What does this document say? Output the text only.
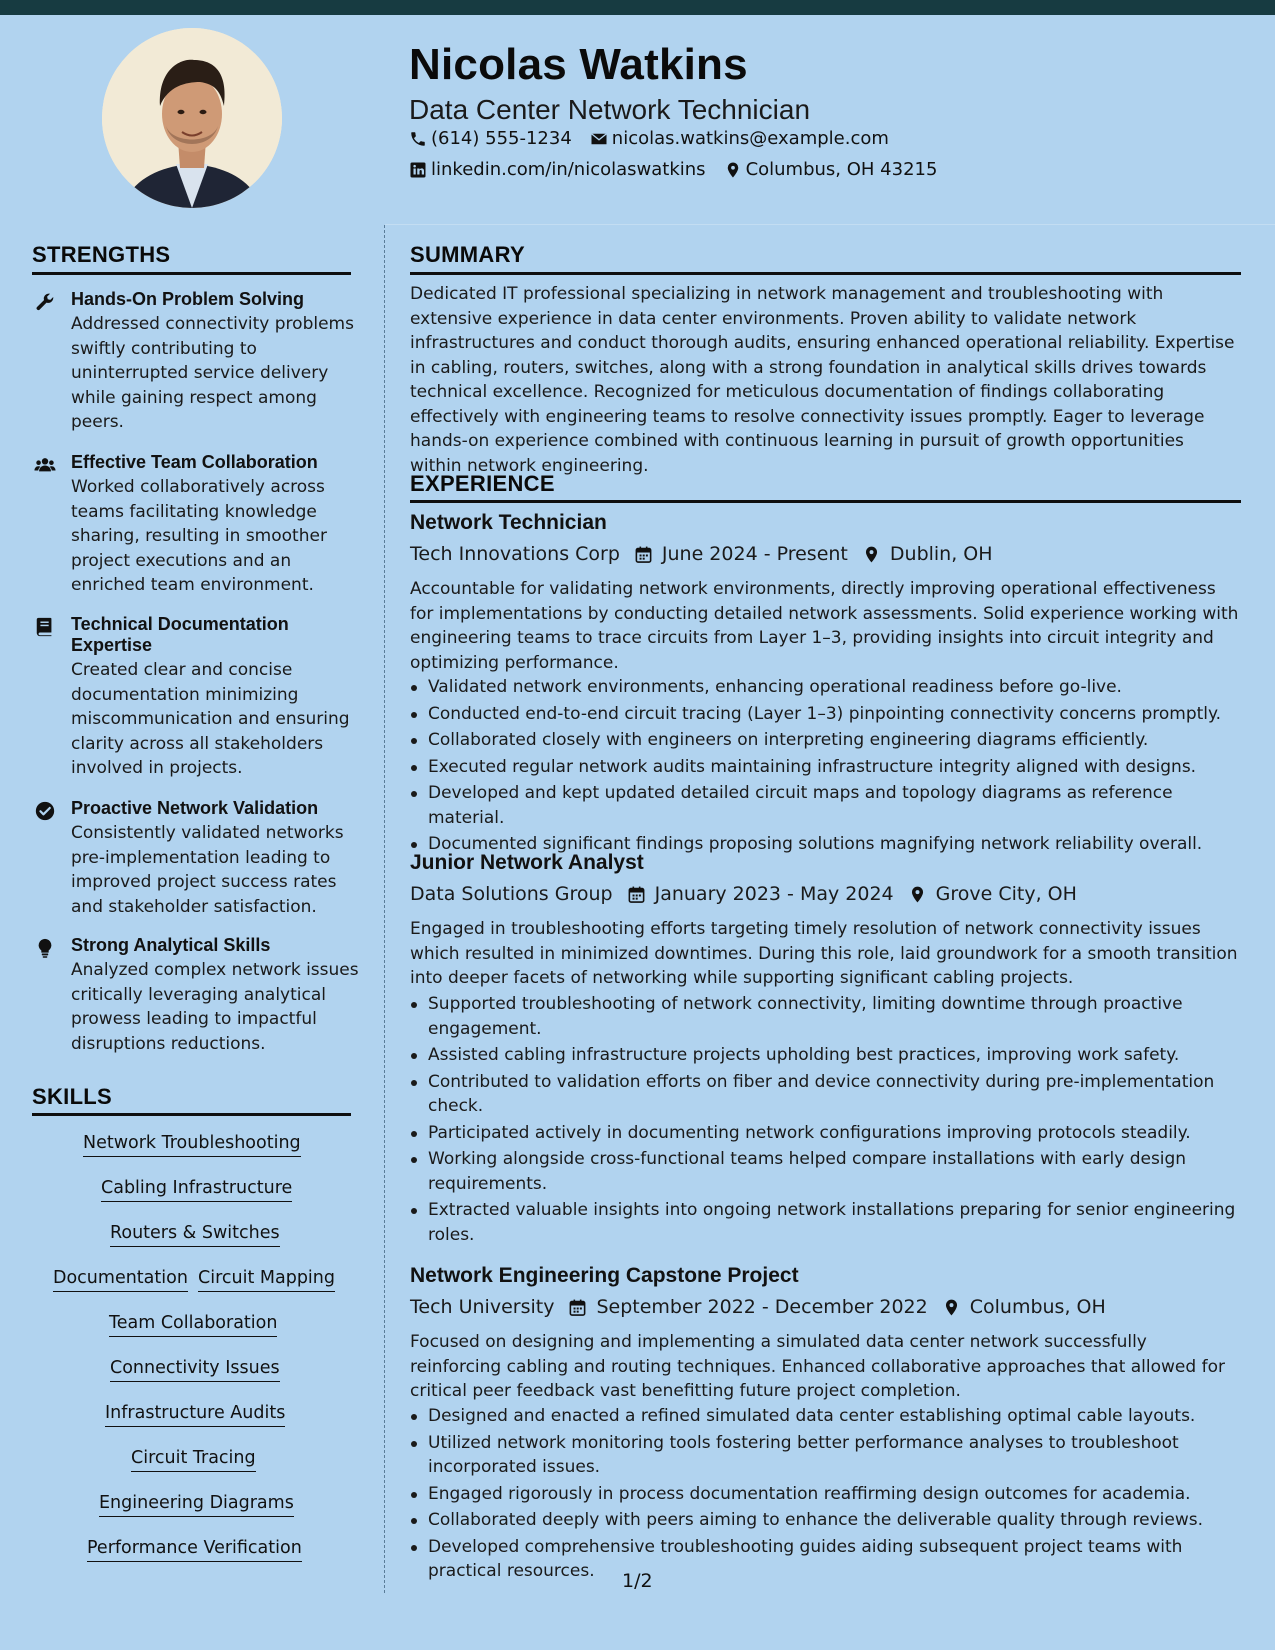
Nicolas Watkins
Data Center Network Technician
(614) 555-1234 nicolas.watkins@example.com
linkedin.com/in/nicolaswatkins Columbus, OH 43215
STRENGTHS
Hands-On Problem Solving
Addressed connectivity problems swiftly contributing to uninterrupted service delivery while gaining respect among peers.
Effective Team Collaboration
Worked collaboratively across teams facilitating knowledge sharing, resulting in smoother project executions and an enriched team environment.
Technical Documentation Expertise
Created clear and concise documentation minimizing miscommunication and ensuring clarity across all stakeholders involved in projects.
Proactive Network Validation
Consistently validated networks pre-implementation leading to improved project success rates and stakeholder satisfaction.
Strong Analytical Skills
Analyzed complex network issues critically leveraging analytical prowess leading to impactful disruptions reductions.
SKILLS
Network Troubleshooting
Cabling Infrastructure
Routers & Switches
Documentation Circuit Mapping
Team Collaboration
Connectivity Issues
Infrastructure Audits
Circuit Tracing
Engineering Diagrams
Performance Verification
SUMMARY
Dedicated IT professional specializing in network management and troubleshooting with extensive experience in data center environments. Proven ability to validate network infrastructures and conduct thorough audits, ensuring enhanced operational reliability. Expertise in cabling, routers, switches, along with a strong foundation in analytical skills drives towards technical excellence. Recognized for meticulous documentation of findings collaborating effectively with engineering teams to resolve connectivity issues promptly. Eager to leverage hands-on experience combined with continuous learning in pursuit of growth opportunities within network engineering.
EXPERIENCE
Network Technician
Tech Innovations Corp June 2024 - Present Dublin, OH
Accountable for validating network environments, directly improving operational effectiveness for implementations by conducting detailed network assessments. Solid experience working with engineering teams to trace circuits from Layer 1–3, providing insights into circuit integrity and optimizing performance.
Validated network environments, enhancing operational readiness before go-live.
Conducted end-to-end circuit tracing (Layer 1–3) pinpointing connectivity concerns promptly.
Collaborated closely with engineers on interpreting engineering diagrams efficiently.
Executed regular network audits maintaining infrastructure integrity aligned with designs.
Developed and kept updated detailed circuit maps and topology diagrams as reference material.
Documented significant findings proposing solutions magnifying network reliability overall.
Junior Network Analyst
Data Solutions Group January 2023 - May 2024 Grove City, OH
Engaged in troubleshooting efforts targeting timely resolution of network connectivity issues which resulted in minimized downtimes. During this role, laid groundwork for a smooth transition into deeper facets of networking while supporting significant cabling projects.
Supported troubleshooting of network connectivity, limiting downtime through proactive engagement.
Assisted cabling infrastructure projects upholding best practices, improving work safety.
Contributed to validation efforts on fiber and device connectivity during pre-implementation check.
Participated actively in documenting network configurations improving protocols steadily.
Working alongside cross-functional teams helped compare installations with early design requirements.
Extracted valuable insights into ongoing network installations preparing for senior engineering roles.
Network Engineering Capstone Project
Tech University September 2022 - December 2022 Columbus, OH
Focused on designing and implementing a simulated data center network successfully reinforcing cabling and routing techniques. Enhanced collaborative approaches that allowed for critical peer feedback vast benefitting future project completion.
Designed and enacted a refined simulated data center establishing optimal cable layouts.
Utilized network monitoring tools fostering better performance analyses to troubleshoot incorporated issues.
Engaged rigorously in process documentation reaffirming design outcomes for academia.
Collaborated deeply with peers aiming to enhance the deliverable quality through reviews.
Developed comprehensive troubleshooting guides aiding subsequent project teams with practical resources.	1/2
